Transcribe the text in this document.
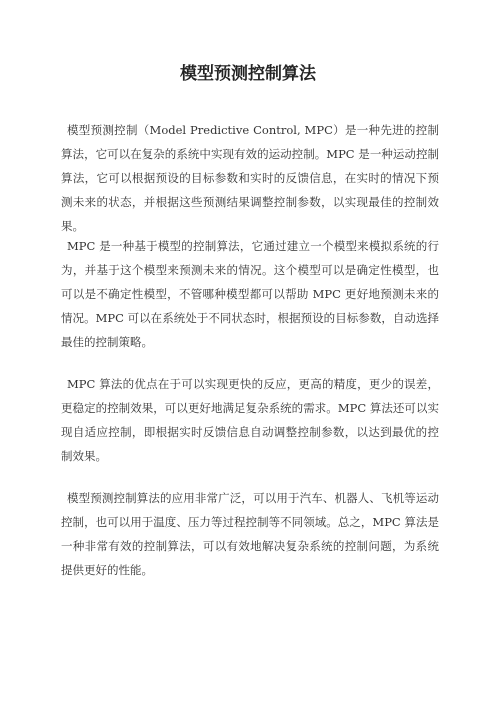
模型预测控制算法

模型预测控制（Model Predictive Control, MPC）是一种先进的控制算法，它可以在复杂的系统中实现有效的运动控制。MPC 是一种运动控制算法，它可以根据预设的目标参数和实时的反馈信息，在实时的情况下预测未来的状态，并根据这些预测结果调整控制参数，以实现最佳的控制效果。

MPC 是一种基于模型的控制算法，它通过建立一个模型来模拟系统的行为，并基于这个模型来预测未来的情况。这个模型可以是确定性模型，也可以是不确定性模型，不管哪种模型都可以帮助 MPC 更好地预测未来的情况。MPC 可以在系统处于不同状态时，根据预设的目标参数，自动选择最佳的控制策略。

MPC 算法的优点在于可以实现更快的反应，更高的精度，更少的误差，更稳定的控制效果，可以更好地满足复杂系统的需求。MPC 算法还可以实现自适应控制，即根据实时反馈信息自动调整控制参数，以达到最优的控制效果。

模型预测控制算法的应用非常广泛，可以用于汽车、机器人、飞机等运动控制，也可以用于温度、压力等过程控制等不同领域。总之，MPC 算法是一种非常有效的控制算法，可以有效地解决复杂系统的控制问题，为系统提供更好的性能。
